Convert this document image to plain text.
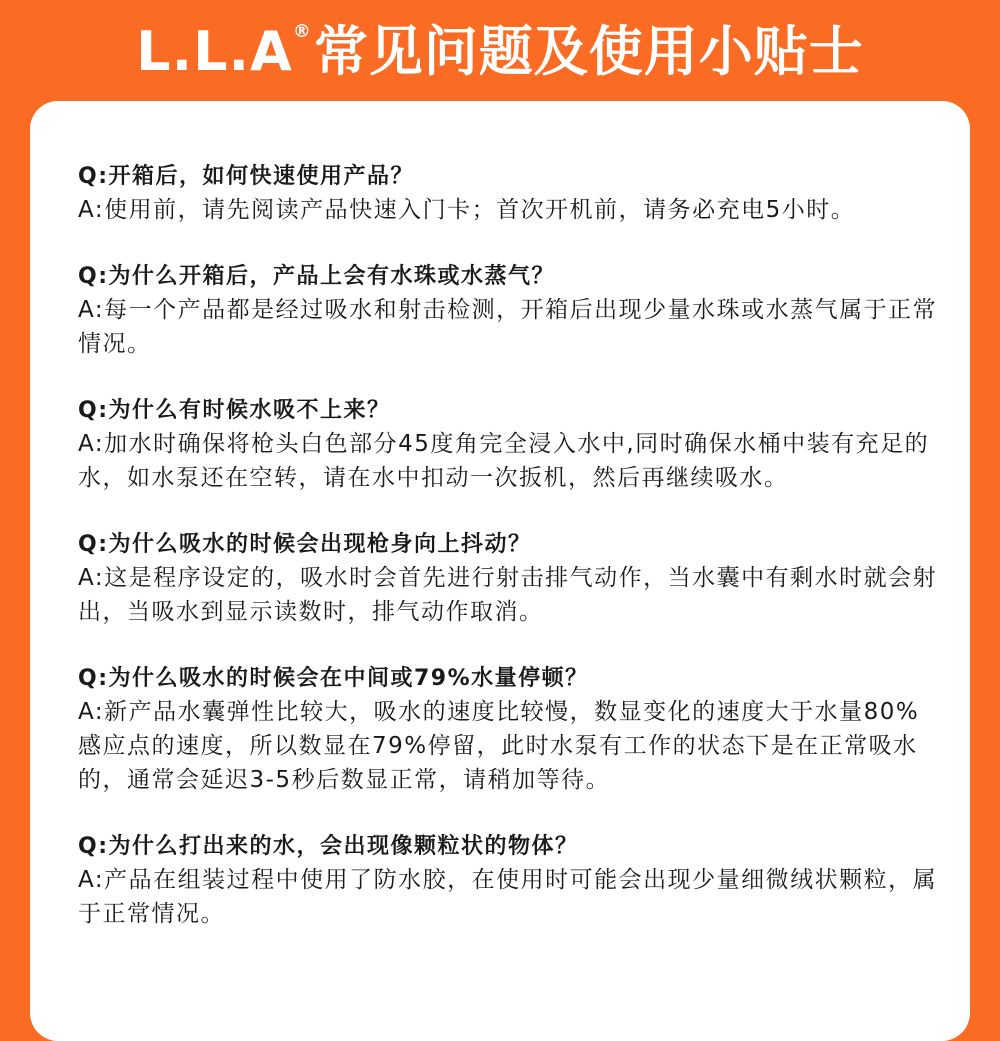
L.L.A®常见问题及使用小贴士
Q:开箱后，如何快速使用产品？
A:使用前，请先阅读产品快速入门卡；首次开机前，请务必充电5小时。
Q:为什么开箱后，产品上会有水珠或水蒸气？
A:每一个产品都是经过吸水和射击检测，开箱后出现少量水珠或水蒸气属于正常情况。
Q:为什么有时候水吸不上来？
A:加水时确保将枪头白色部分45度角完全浸入水中,同时确保水桶中装有充足的水，如水泵还在空转，请在水中扣动一次扳机，然后再继续吸水。
Q:为什么吸水的时候会出现枪身向上抖动？
A:这是程序设定的，吸水时会首先进行射击排气动作，当水囊中有剩水时就会射出，当吸水到显示读数时，排气动作取消。
Q:为什么吸水的时候会在中间或79%水量停顿？
A:新产品水囊弹性比较大，吸水的速度比较慢，数显变化的速度大于水量80%感应点的速度，所以数显在79%停留，此时水泵有工作的状态下是在正常吸水的，通常会延迟3-5秒后数显正常，请稍加等待。
Q:为什么打出来的水，会出现像颗粒状的物体？
A:产品在组装过程中使用了防水胶，在使用时可能会出现少量细微绒状颗粒，属于正常情况。
